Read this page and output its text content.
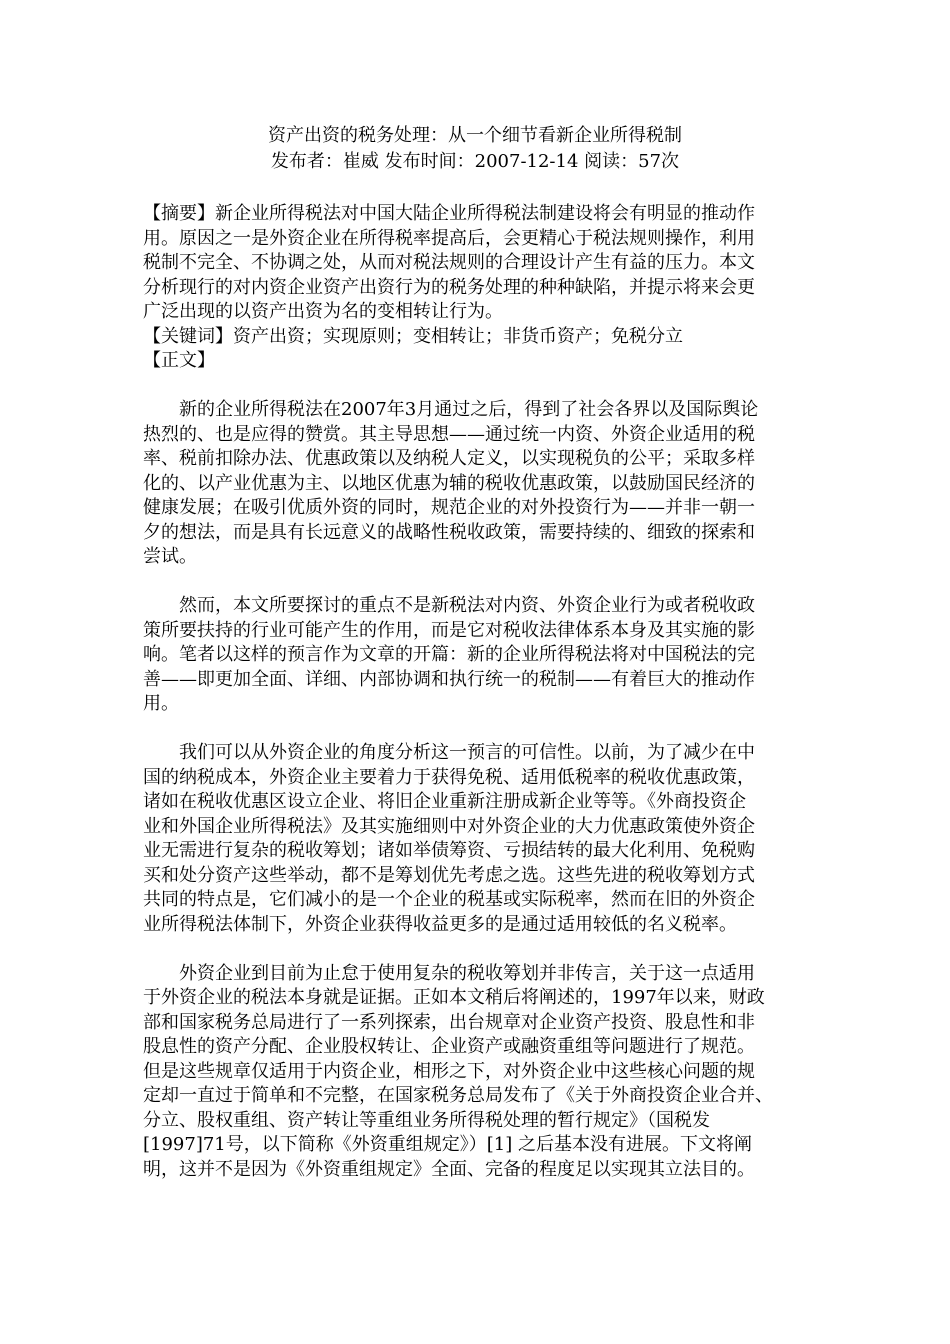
资产出资的税务处理：从一个细节看新企业所得税制
发布者：崔威 发布时间：2007-12-14 阅读：57次
【摘要】新企业所得税法对中国大陆企业所得税法制建设将会有明显的推动作
用。原因之一是外资企业在所得税率提高后，会更精心于税法规则操作，利用
税制不完全、不协调之处，从而对税法规则的合理设计产生有益的压力。本文
分析现行的对内资企业资产出资行为的税务处理的种种缺陷，并提示将来会更
广泛出现的以资产出资为名的变相转让行为。
【关键词】资产出资；实现原则；变相转让；非货币资产；免税分立
【正文】
　　新的企业所得税法在2007年3月通过之后，得到了社会各界以及国际舆论
热烈的、也是应得的赞赏。其主导思想——通过统一内资、外资企业适用的税
率、税前扣除办法、优惠政策以及纳税人定义，以实现税负的公平；采取多样
化的、以产业优惠为主、以地区优惠为辅的税收优惠政策，以鼓励国民经济的
健康发展；在吸引优质外资的同时，规范企业的对外投资行为——并非一朝一
夕的想法，而是具有长远意义的战略性税收政策，需要持续的、细致的探索和
尝试。
　　然而，本文所要探讨的重点不是新税法对内资、外资企业行为或者税收政
策所要扶持的行业可能产生的作用，而是它对税收法律体系本身及其实施的影
响。笔者以这样的预言作为文章的开篇：新的企业所得税法将对中国税法的完
善——即更加全面、详细、内部协调和执行统一的税制——有着巨大的推动作
用。
　　我们可以从外资企业的角度分析这一预言的可信性。以前，为了减少在中
国的纳税成本，外资企业主要着力于获得免税、适用低税率的税收优惠政策，
诸如在税收优惠区设立企业、将旧企业重新注册成新企业等等。《外商投资企
业和外国企业所得税法》及其实施细则中对外资企业的大力优惠政策使外资企
业无需进行复杂的税收筹划；诸如举债筹资、亏损结转的最大化利用、免税购
买和处分资产这些举动，都不是筹划优先考虑之选。这些先进的税收筹划方式
共同的特点是，它们减小的是一个企业的税基或实际税率，然而在旧的外资企
业所得税法体制下，外资企业获得收益更多的是通过适用较低的名义税率。
　　外资企业到目前为止怠于使用复杂的税收筹划并非传言，关于这一点适用
于外资企业的税法本身就是证据。正如本文稍后将阐述的，1997年以来，财政
部和国家税务总局进行了一系列探索，出台规章对企业资产投资、股息性和非
股息性的资产分配、企业股权转让、企业资产或融资重组等问题进行了规范。
但是这些规章仅适用于内资企业，相形之下，对外资企业中这些核心问题的规
定却一直过于简单和不完整，在国家税务总局发布了《关于外商投资企业合并、
分立、股权重组、资产转让等重组业务所得税处理的暂行规定》（国税发
[1997]71号，以下简称《外资重组规定》）[1] 之后基本没有进展。下文将阐
明，这并不是因为《外资重组规定》全面、完备的程度足以实现其立法目的。
